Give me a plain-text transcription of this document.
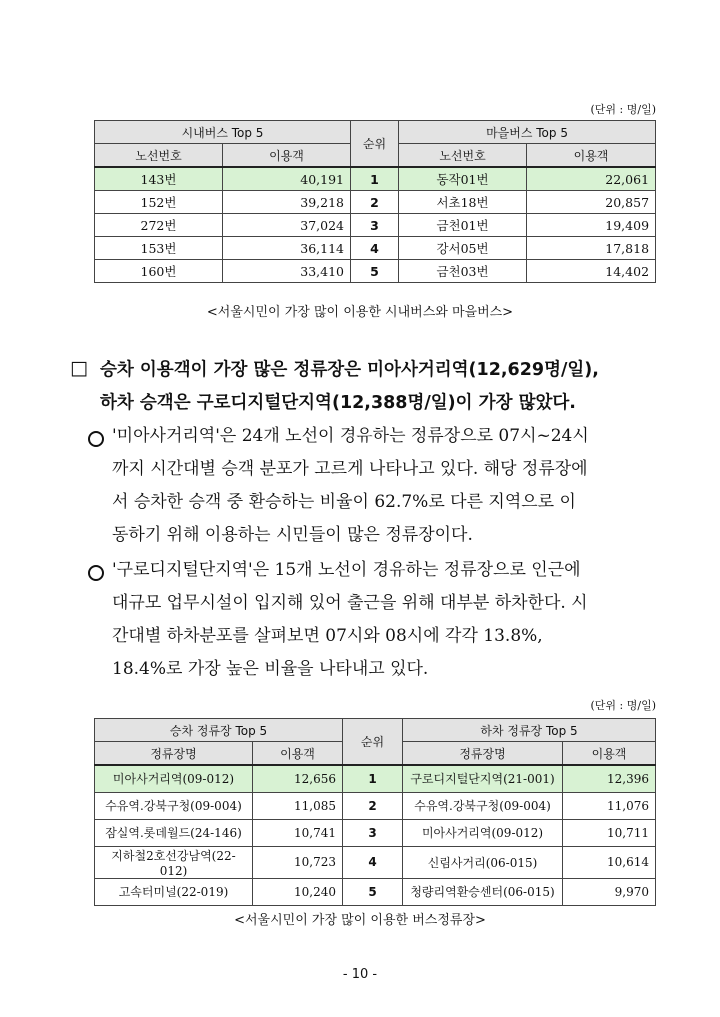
(단위 : 명/일)
시내버스 Top 5		순위	마을버스 Top 5	
노선번호	이용객		노선번호	이용객
143번	40,191	1	동작01번	22,061
152번	39,218	2	서초18번	20,857
272번	37,024	3	금천01번	19,409
153번	36,114	4	강서05번	17,818
160번	33,410	5	금천03번	14,402
<서울시민이 가장 많이 이용한 시내버스와 마을버스>
□ 승차 이용객이 가장 많은 정류장은 미아사거리역(12,629명/일),
하차 승객은 구로디지털단지역(12,388명/일)이 가장 많았다.
'미아사거리역'은 24개 노선이 경유하는 정류장으로 07시~24시
까지 시간대별 승객 분포가 고르게 나타나고 있다. 해당 정류장에
서 승차한 승객 중 환승하는 비율이 62.7%로 다른 지역으로 이
동하기 위해 이용하는 시민들이 많은 정류장이다.
'구로디지털단지역'은 15개 노선이 경유하는 정류장으로 인근에
대규모 업무시설이 입지해 있어 출근을 위해 대부분 하차한다. 시
간대별 하차분포를 살펴보면 07시와 08시에 각각 13.8%,
18.4%로 가장 높은 비율을 나타내고 있다.
(단위 : 명/일)
승차 정류장 Top 5		순위	하차 정류장 Top 5	
정류장명	이용객		정류장명	이용객
미아사거리역(09-012)	12,656	1	구로디지털단지역(21-001)	12,396
수유역.강북구청(09-004)	11,085	2	수유역.강북구청(09-004)	11,076
잠실역.롯데월드(24-146)	10,741	3	미아사거리역(09-012)	10,711
지하철2호선강남역(22-012)	10,723	4	신림사거리(06-015)	10,614
고속터미널(22-019)	10,240	5	청량리역환승센터(06-015)	9,970
<서울시민이 가장 많이 이용한 버스정류장>
- 10 -
